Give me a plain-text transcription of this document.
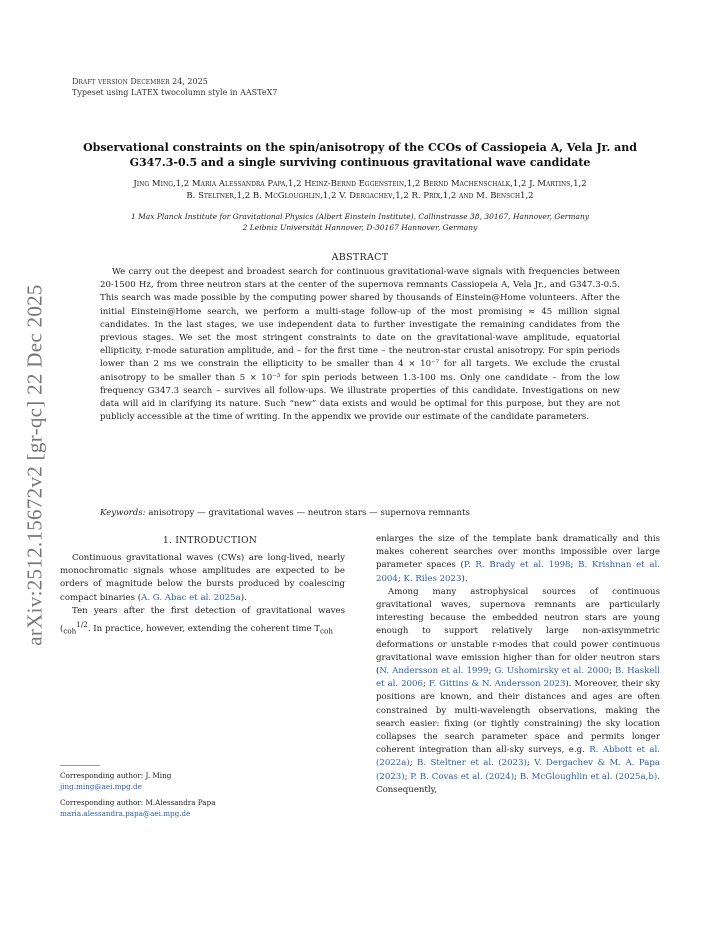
arXiv:2512.15672v2 [gr-qc] 22 Dec 2025
Draft version December 24, 2025
Typeset using LATEX twocolumn style in AASTeX7
Observational constraints on the spin/anisotropy of the CCOs of Cassiopeia A, Vela Jr. and G347.3-0.5 and a single surviving continuous gravitational wave candidate
Jing Ming,1,2 Maria Alessandra Papa,1,2 Heinz-Bernd Eggenstein,1,2 Bernd Machenschalk,1,2 J. Martins,1,2
B. Steltner,1,2 B. McGloughlin,1,2 V. Dergachev,1,2 R. Prix,1,2 and M. Bensch1,2
1 Max Planck Institute for Gravitational Physics (Albert Einstein Institute), Callinstrasse 38, 30167, Hannover, Germany
2 Leibniz Universität Hannover, D-30167 Hannover, Germany
ABSTRACT
We carry out the deepest and broadest search for continuous gravitational-wave signals with frequencies between 20-1500 Hz, from three neutron stars at the center of the supernova remnants Cassiopeia A, Vela Jr., and G347.3-0.5. This search was made possible by the computing power shared by thousands of Einstein@Home volunteers. After the initial Einstein@Home search, we perform a multi-stage follow-up of the most promising ≈ 45 million signal candidates. In the last stages, we use independent data to further investigate the remaining candidates from the previous stages. We set the most stringent constraints to date on the gravitational-wave amplitude, equatorial ellipticity, r-mode saturation amplitude, and – for the first time – the neutron-star crustal anisotropy. For spin periods lower than 2 ms we constrain the ellipticity to be smaller than 4 × 10⁻⁷ for all targets. We exclude the crustal anisotropy to be smaller than 5 × 10⁻³ for spin periods between 1.3-100 ms. Only one candidate – from the low frequency G347.3 search – survives all follow-ups. We illustrate properties of this candidate. Investigations on new data will aid in clarifying its nature. Such “new” data exists and would be optimal for this purpose, but they are not publicly accessible at the time of writing. In the appendix we provide our estimate of the candidate parameters.
Keywords: anisotropy — gravitational waves — neutron stars — supernova remnants
1. INTRODUCTION

Continuous gravitational waves (CWs) are long-lived, nearly monochromatic signals whose amplitudes are expected to be orders of magnitude below the bursts produced by coalescing compact binaries (A. G. Abac et al. 2025a).

Ten years after the first detection of gravitational waves ($_{coh}^{1/2}$. In practice, however, extending the coherent time $T_{coh}$

Corresponding author: J. Ming
jing.ming@aei.mpg.de
Corresponding author: M.Alessandra Papa
maria.alessandra.papa@aei.mpg.de

enlarges the size of the template bank dramatically and this makes coherent searches over months impossible over large parameter spaces (P. R. Brady et al. 1998; B. Krishnan et al. 2004; K. Riles 2023).

Among many astrophysical sources of continuous gravitational waves, supernova remnants are particularly interesting because the embedded neutron stars are young enough to support relatively large non-axisymmetric deformations or unstable r-modes that could power continuous gravitational wave emission higher than for older neutron stars (N. Andersson et al. 1999; G. Ushomirsky et al. 2000; B. Haskell et al. 2006; F. Gittins & N. Andersson 2023). Moreover, their sky positions are known, and their distances and ages are often constrained by multi-wavelength observations, making the search easier: fixing (or tightly constraining) the sky location collapses the search parameter space and permits longer coherent integration than all-sky surveys, e.g. R. Abbott et al. (2022a); B. Steltner et al. (2023); V. Dergachev & M. A. Papa (2023); P. B. Covas et al. (2024); B. McGloughlin et al. (2025a,b). Consequently,
